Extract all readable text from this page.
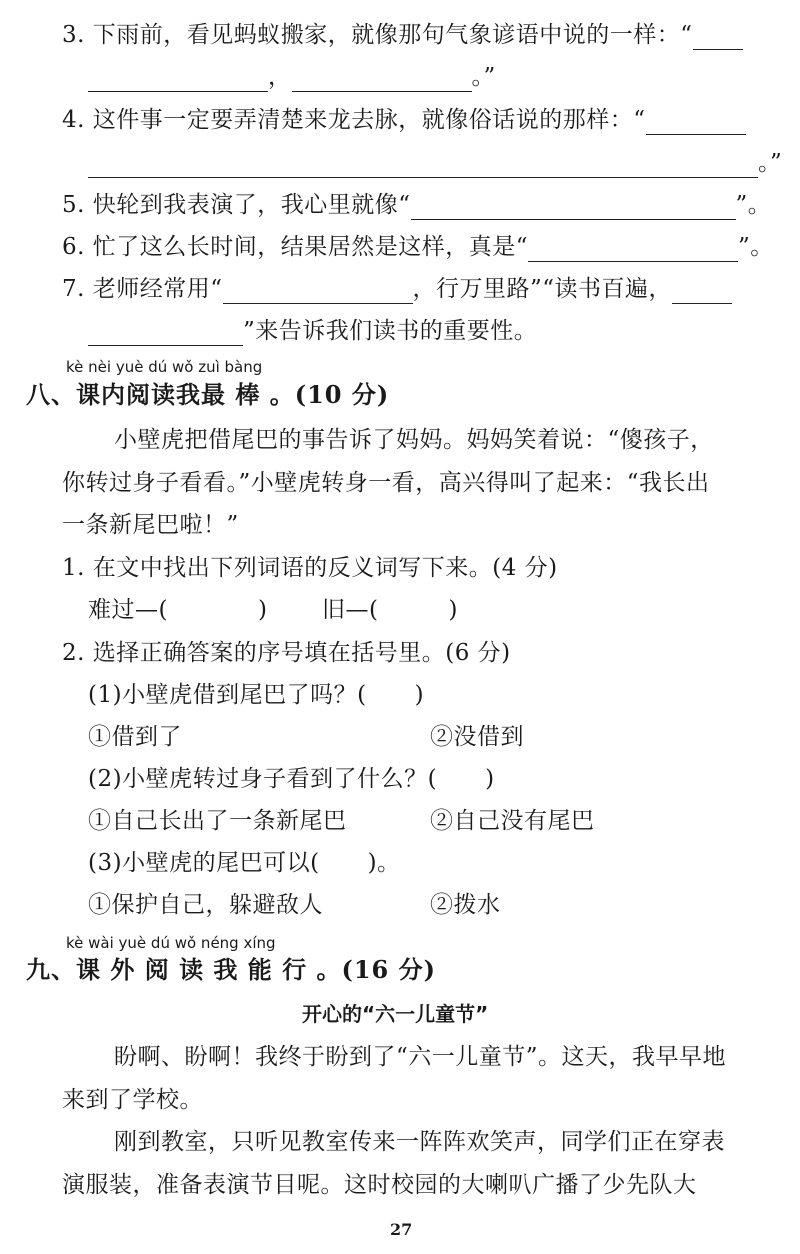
3. 下雨前，看见蚂蚁搬家，就像那句气象谚语中说的一样：“
，	。”
4. 这件事一定要弄清楚来龙去脉，就像俗话说的那样：“
。”
5. 快轮到我表演了，我心里就像“	”。
6. 忙了这么长时间，结果居然是这样，真是“	”。
7. 老师经常用“	，行万里路”“读书百遍，
”来告诉我们读书的重要性。
kè nèi yuè dú wǒ zuì bàng
八、课内阅读我最 棒 。(10 分)
小壁虎把借尾巴的事告诉了妈妈。妈妈笑着说：“傻孩子，
你转过身子看看。”小壁虎转身一看，高兴得叫了起来：“我长出
一条新尾巴啦！”
1. 在文中找出下列词语的反义词写下来。(4 分)
难过—(	) 旧—(	)
2. 选择正确答案的序号填在括号里。(6 分)
(1)小壁虎借到尾巴了吗？( )
①借到了	②没借到
(2)小壁虎转过身子看到了什么？( )
①自己长出了一条新尾巴	②自己没有尾巴
(3)小壁虎的尾巴可以( )。
①保护自己，躲避敌人	②拨水
kè wài yuè dú wǒ néng xíng
九、课 外 阅 读 我 能 行 。(16 分)
开心的“六一儿童节”
盼啊、盼啊！我终于盼到了“六一儿童节”。这天，我早早地
来到了学校。
刚到教室，只听见教室传来一阵阵欢笑声，同学们正在穿表
演服装，准备表演节目呢。这时校园的大喇叭广播了少先队大
27
